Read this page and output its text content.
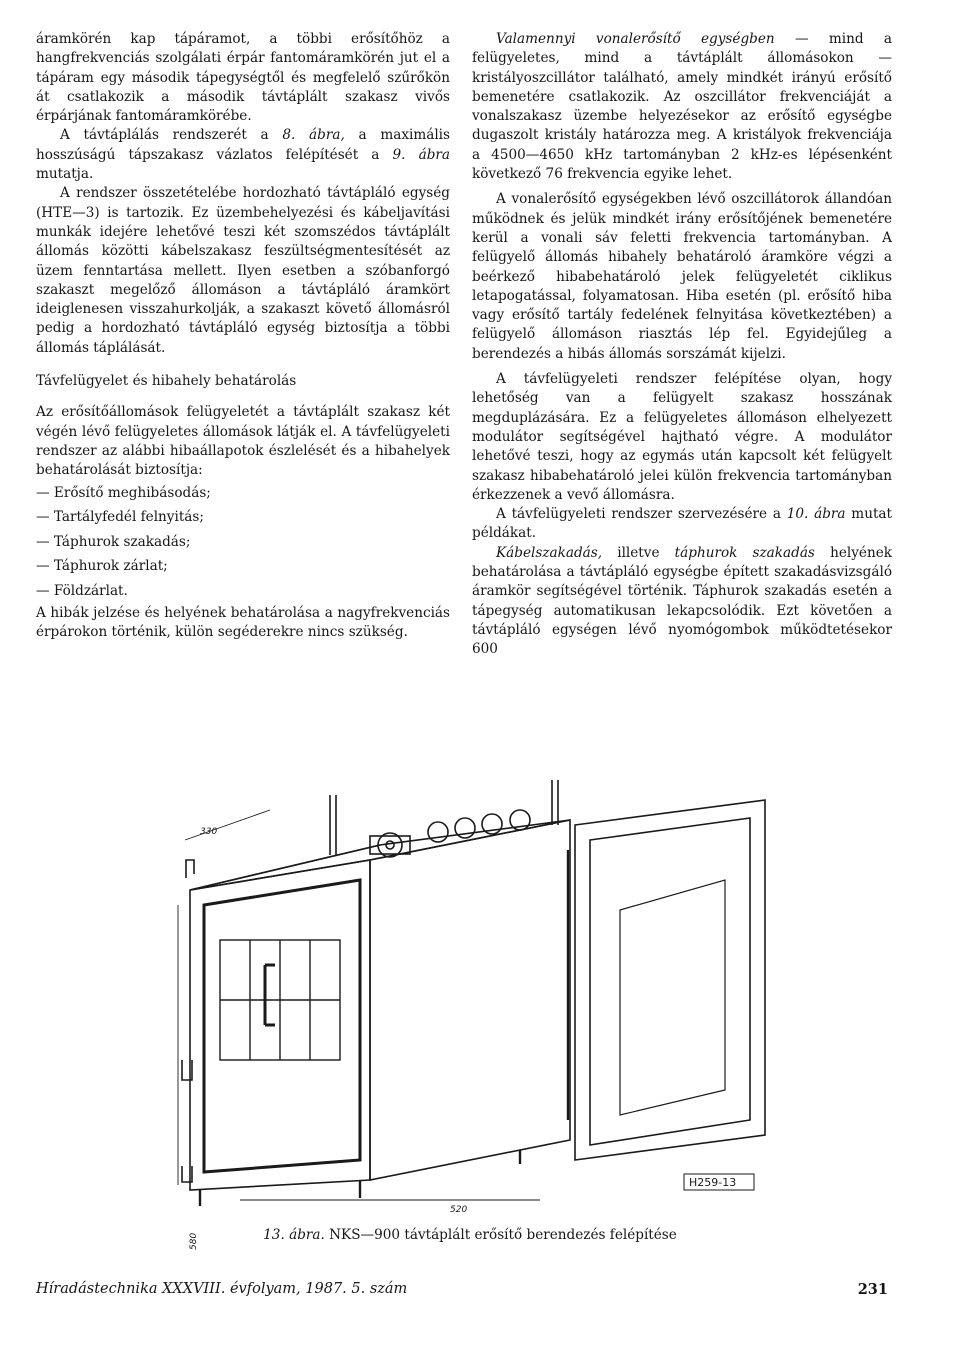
áramkörén kap tápáramot, a többi erősítőhöz a hangfrekvenciás szolgálati érpár fantomáramkörén jut el a tápáram egy második tápegységtől és megfelelő szűrőkön át csatlakozik a második távtáplált szakasz vivős érpárjának fantomáramkörébe.

A távtáplálás rendszerét a 8. ábra, a maximális hosszúságú tápszakasz vázlatos felépítését a 9. ábra mutatja.

A rendszer összetételébe hordozható távtápláló egység (HTE—3) is tartozik. Ez üzembehelyezési és kábeljavítási munkák idejére lehetővé teszi két szomszédos távtáplált állomás közötti kábelszakasz feszültségmentesítését az üzem fenntartása mellett. Ilyen esetben a szóbanforgó szakaszt megelőző állomáson a távtápláló áramkört ideiglenesen visszahurkolják, a szakaszt követő állomásról pedig a hordozható távtápláló egység biztosítja a többi állomás táplálását.

Távfelügyelet és hibahely behatárolás

Az erősítőállomások felügyeletét a távtáplált szakasz két végén lévő felügyeletes állomások látják el. A távfelügyeleti rendszer az alábbi hibaállapotok észlelését és a hibahelyek behatárolását biztosítja:

— Erősítő meghibásodás;
— Tartályfedél felnyitás;
— Táphurok szakadás;
— Táphurok zárlat;
— Földzárlat.

A hibák jelzése és helyének behatárolása a nagyfrekvenciás érpárokon történik, külön segéderekre nincs szükség.

Valamennyi vonalerősítő egységben — mind a felügyeletes, mind a távtáplált állomásokon — kristályoszcillátor található, amely mindkét irányú erősítő bemenetére csatlakozik. Az oszcillátor frekvenciáját a vonalszakasz üzembe helyezésekor az erősítő egységbe dugaszolt kristály határozza meg. A kristályok frekvenciája a 4500—4650 kHz tartományban 2 kHz-es lépésenként következő 76 frekvencia egyike lehet.

A vonalerősítő egységekben lévő oszcillátorok állandóan működnek és jelük mindkét irány erősítőjének bemenetére kerül a vonali sáv feletti frekvencia tartományban. A felügyelő állomás hibahely behatároló áramköre végzi a beérkező hibabehatároló jelek felügyeletét ciklikus letapogatással, folyamatosan. Hiba esetén (pl. erősítő hiba vagy erősítő tartály fedelének felnyitása következtében) a felügyelő állomáson riasztás lép fel. Egyidejűleg a berendezés a hibás állomás sorszámát kijelzi.

A távfelügyeleti rendszer felépítése olyan, hogy lehetőség van a felügyelt szakasz hosszának megduplázására. Ez a felügyeletes állomáson elhelyezett modulátor segítségével hajtható végre. A modulátor lehetővé teszi, hogy az egymás után kapcsolt két felügyelt szakasz hibabehatároló jelei külön frekvencia tartományban érkezzenek a vevő állomásra.

A távfelügyeleti rendszer szervezésére a 10. ábra mutat példákat.

Kábelszakadás, illetve táphurok szakadás helyének behatárolása a távtápláló egységbe épített szakadásvizsgáló áramkör segítségével történik. Táphurok szakadás esetén a tápegység automatikusan lekapcsolódik. Ezt követően a távtápláló egységen lévő nyomógombok működtetésekor 600

330
580
520
H259-13
13. ábra. NKS—900 távtáplált erősítő berendezés felépítése
Híradástechnika XXXVIII. évfolyam, 1987. 5. szám	231
